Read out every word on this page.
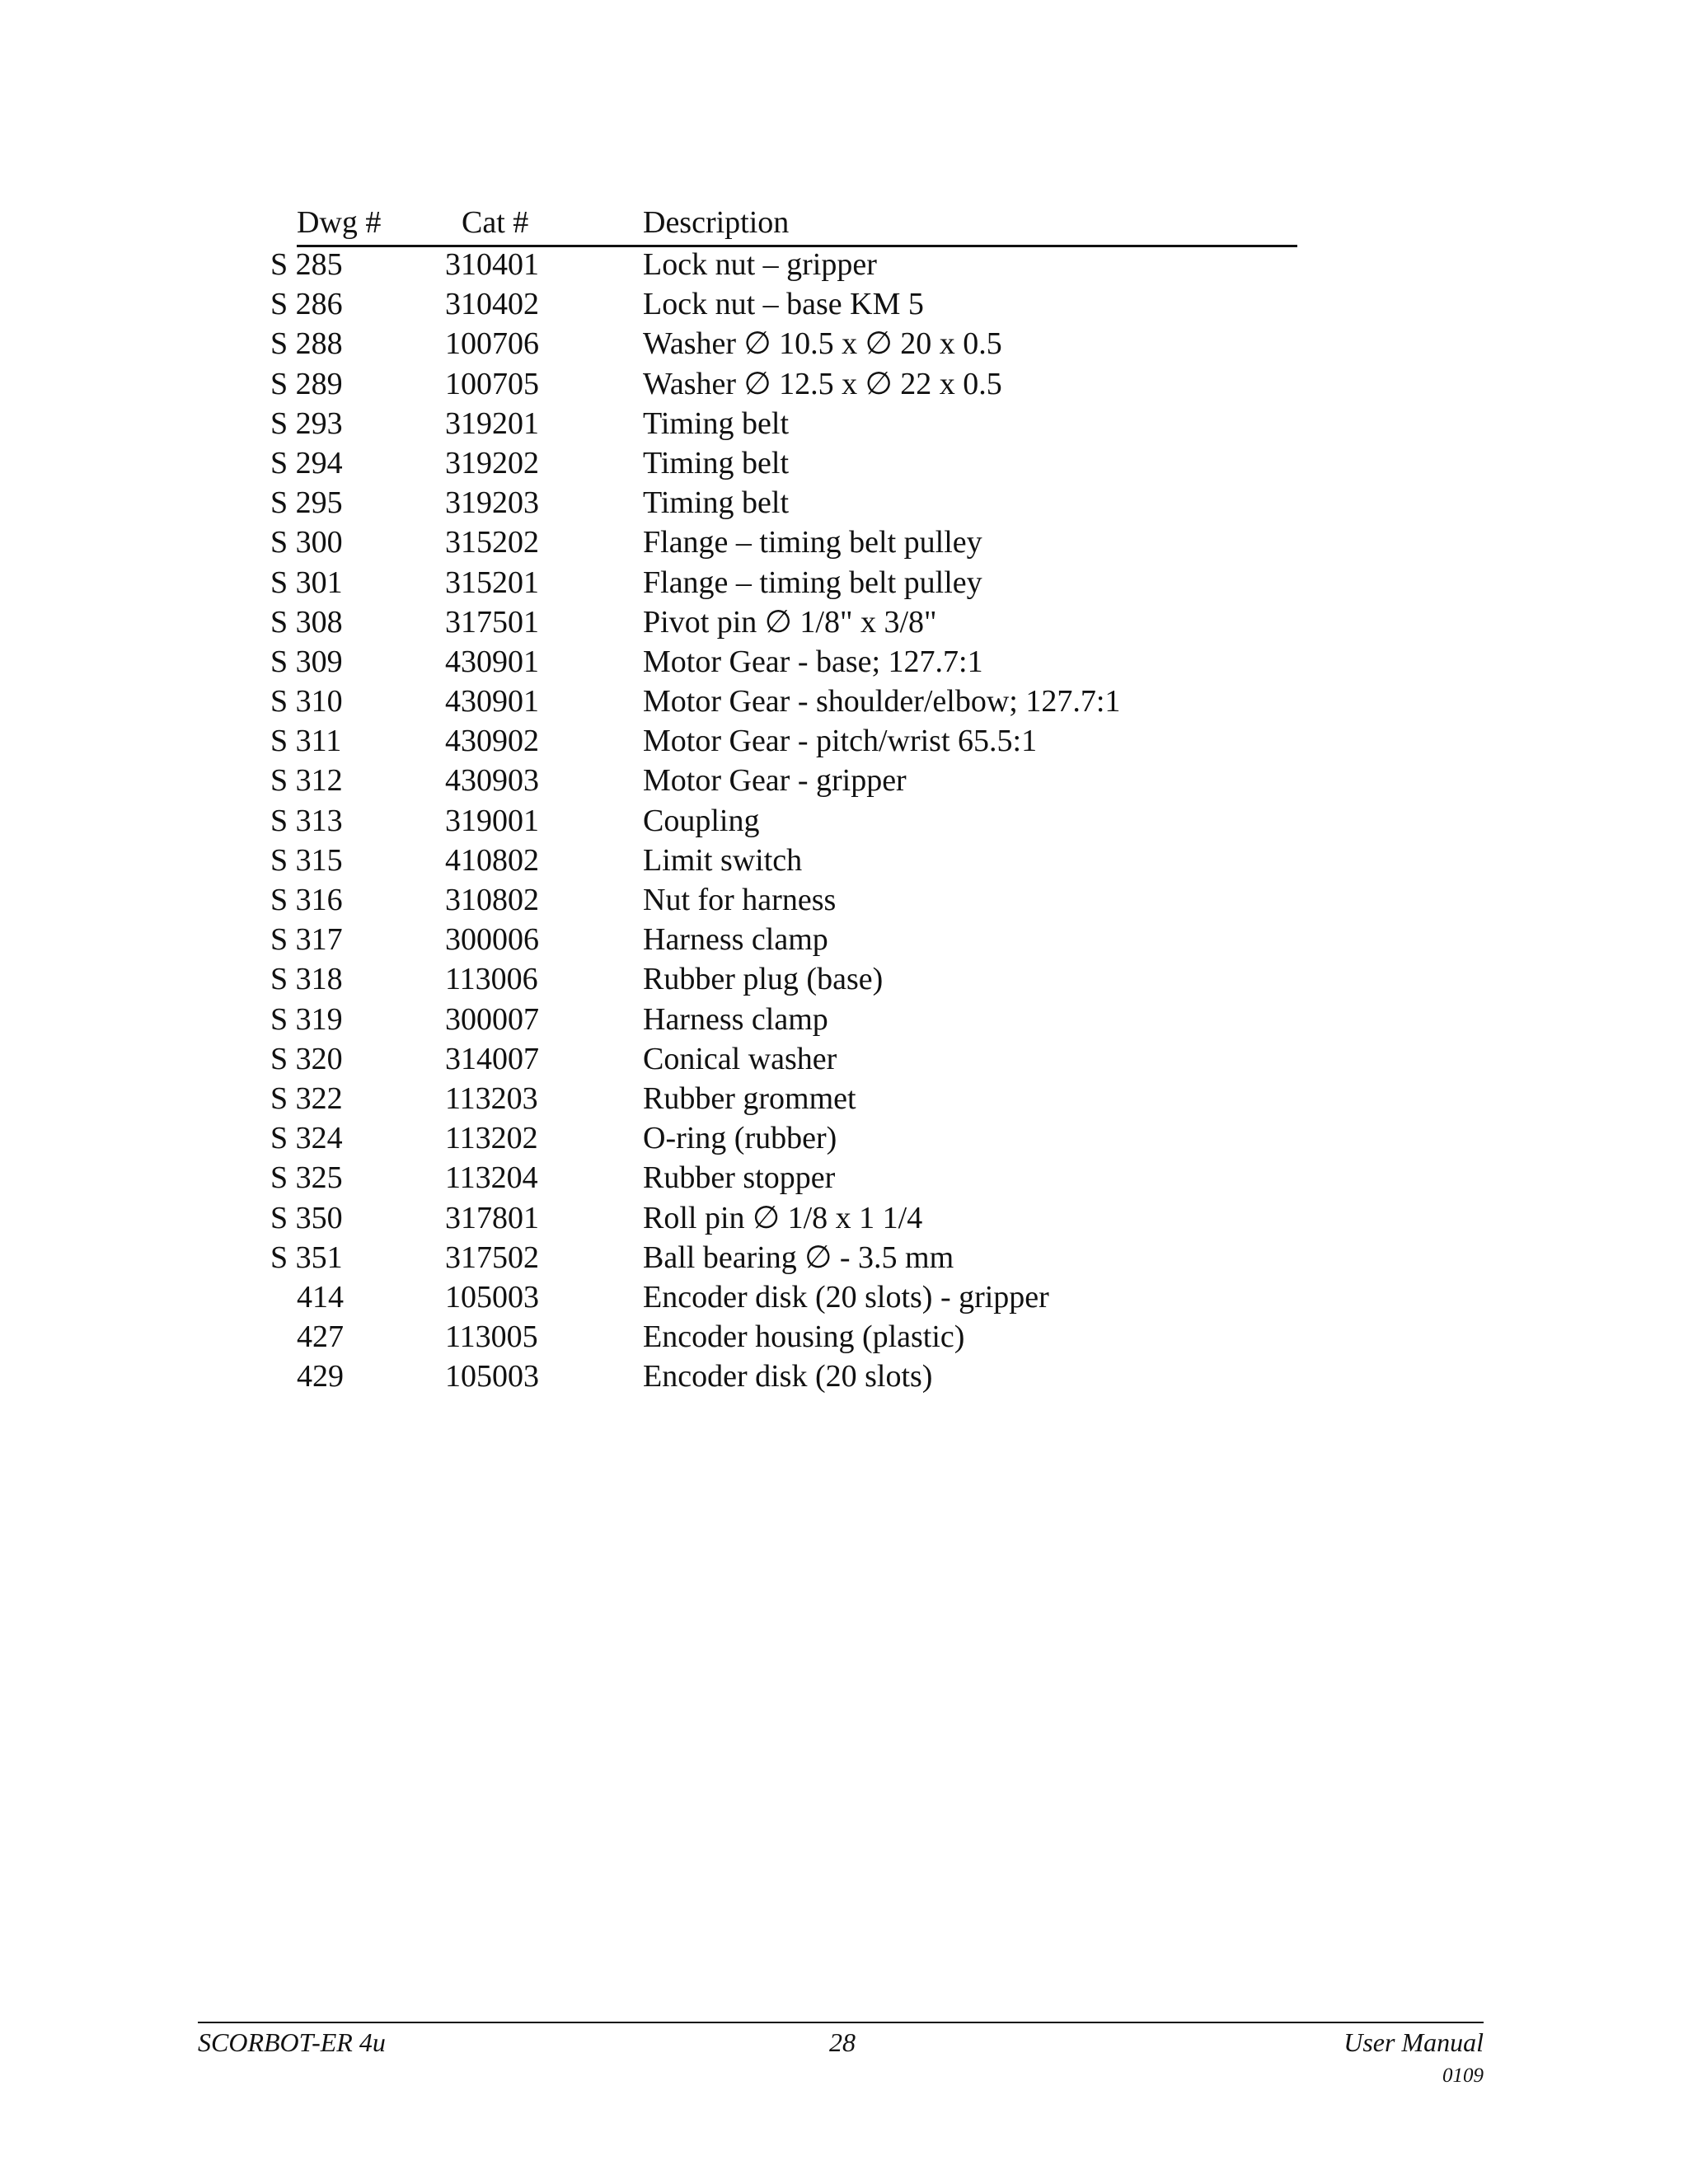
Dwg #	Cat #	Description
S 285	310401	Lock nut – gripper
S 286	310402	Lock nut – base KM 5
S 288	100706	Washer ∅ 10.5 x ∅ 20 x 0.5
S 289	100705	Washer ∅ 12.5 x ∅ 22 x 0.5
S 293	319201	Timing belt
S 294	319202	Timing belt
S 295	319203	Timing belt
S 300	315202	Flange – timing belt pulley
S 301	315201	Flange – timing belt pulley
S 308	317501	Pivot pin ∅ 1/8" x 3/8"
S 309	430901	Motor Gear - base; 127.7:1
S 310	430901	Motor Gear - shoulder/elbow; 127.7:1
S 311	430902	Motor Gear - pitch/wrist 65.5:1
S 312	430903	Motor Gear - gripper
S 313	319001	Coupling
S 315	410802	Limit switch
S 316	310802	Nut for harness
S 317	300006	Harness clamp
S 318	113006	Rubber plug (base)
S 319	300007	Harness clamp
S 320	314007	Conical washer
S 322	113203	Rubber grommet
S 324	113202	O-ring (rubber)
S 325	113204	Rubber stopper
S 350	317801	Roll pin ∅ 1/8 x 1 1/4
S 351	317502	Ball bearing ∅ - 3.5 mm
414	105003	Encoder disk (20 slots) - gripper
427	113005	Encoder housing (plastic)
429	105003	Encoder disk (20 slots)
SCORBOT-ER 4u	28	User Manual
0109
